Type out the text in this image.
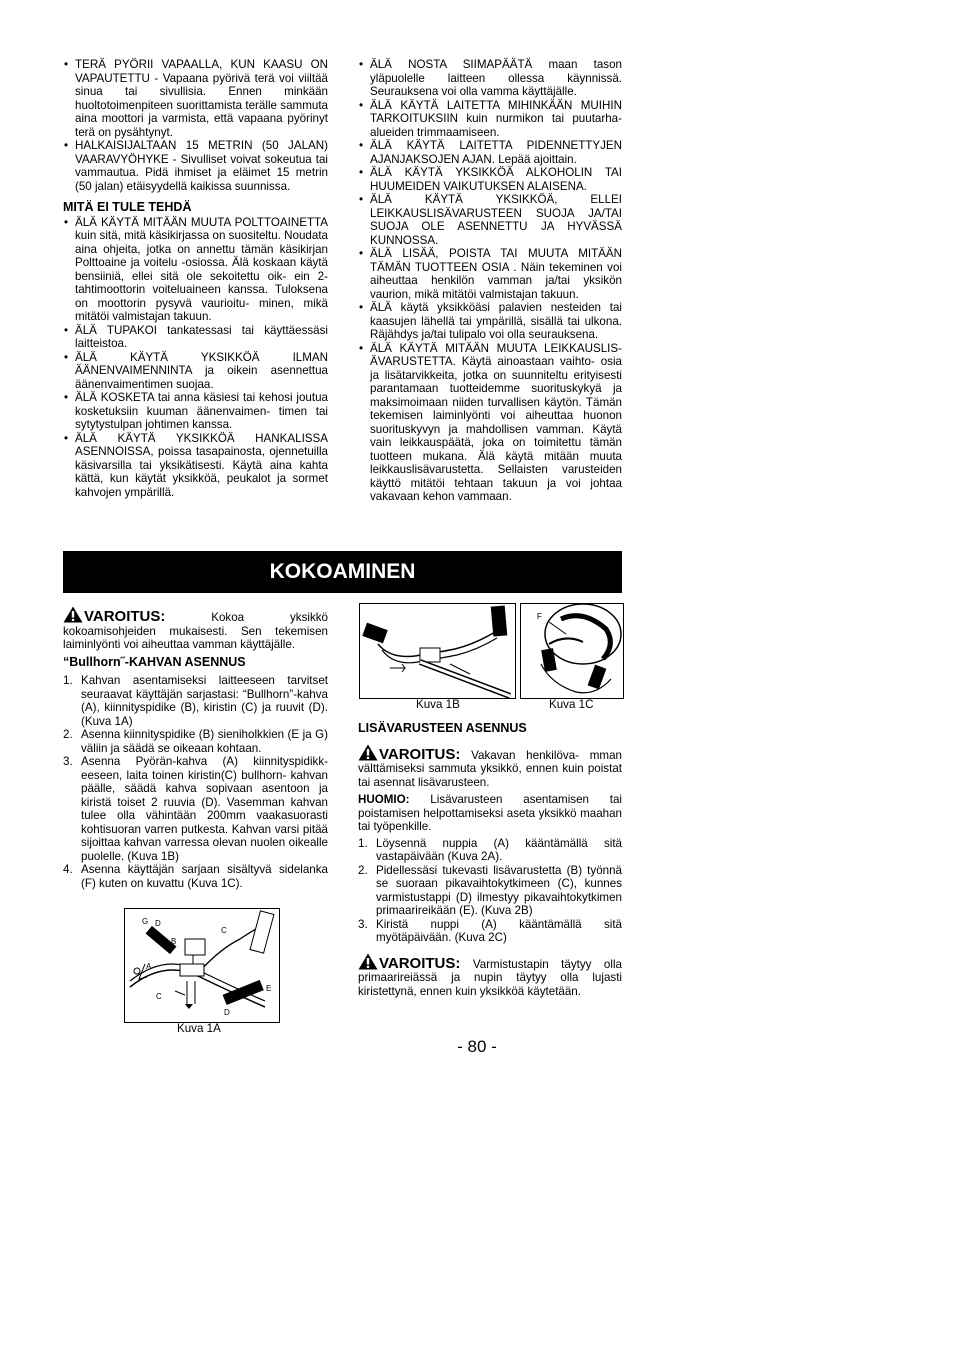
• TERÄ PYÖRII VAPAALLA, KUN KAASU ON VAPAUTETTU - Vapaana pyörivä terä voi viiltää sinua tai sivullisia. Ennen minkään huoltotoimenpiteen suorittamista terälle sammuta aina moottori ja varmista, että vapaana pyörinyt terä on pysähtynyt.
• HALKAISIJALTAAN 15 METRIN (50 JALAN) VAARAVYÖHYKE - Sivulliset voivat sokeutua tai vammautua. Pidä ihmiset ja eläimet 15 metrin (50 jalan) etäisyydellä kaikissa suunnissa.
MITÄ EI TULE TEHDÄ
• ÄLÄ KÄYTÄ MITÄÄN MUUTA POLTTOAINETTA kuin sitä, mitä käsikirjassa on suositeltu. Noudata aina ohjeita, jotka on annettu tämän käsikirjan Polttoaine ja voitelu -osiossa. Älä koskaan käytä bensiiniä, ellei sitä ole sekoitettu oik- ein 2-tahtimoottorin voiteluaineen kanssa. Tuloksena on moottorin pysyvä vaurioitu- minen, mikä mitätöi valmistajan takuun.
• ÄLÄ TUPAKOI tankatessasi tai käyttäessäsi laitteistoa.
• ÄLÄ KÄYTÄ YKSIKKÖÄ ILMAN ÄÄNENVAIMENNINTA ja oikein asennettua äänenvaimentimen suojaa.
• ÄLÄ KOSKETA tai anna käsiesi tai kehosi joutua kosketuksiin kuuman äänenvaimen- timen tai sytytystulpan johtimen kanssa.
• ÄLÄ KÄYTÄ YKSIKKÖÄ HANKALISSA ASENNOISSA, poissa tasapainosta, ojennetuilla käsivarsilla tai yksikätisesti. Käytä aina kahta kättä, kun käytät yksikköä, peukalot ja sormet kahvojen ympärillä.
• ÄLÄ NOSTA SIIMAPÄÄTÄ maan tason yläpuolelle laitteen ollessa käynnissä. Seurauksena voi olla vamma käyttäjälle.
• ÄLÄ KÄYTÄ LAITETTA MIHINKÄÄN MUIHIN TARKOITUKSIIN kuin nurmikon tai puutarha-alueiden trimmaamiseen.
• ÄLÄ KÄYTÄ LAITETTA PIDENNETTYJEN AJANJAKSOJEN AJAN. Lepää ajoittain.
• ÄLÄ KÄYTÄ YKSIKKÖÄ ALKOHOLIN TAI HUUMEIDEN VAIKUTUKSEN ALAISENA.
• ÄLÄ KÄYTÄ YKSIKKÖÄ, ELLEI LEIKKAUSLISÄVARUSTEEN SUOJA JA/TAI SUOJA OLE ASENNETTU JA HYVÄSSÄ KUNNOSSA.
• ÄLÄ LISÄÄ, POISTA TAI MUUTA MITÄÄN TÄMÄN TUOTTEEN OSIA . Näin tekeminen voi aiheuttaa henkilön vamman ja/tai yksikön vaurion, mikä mitätöi valmistajan takuun.
• ÄLÄ käytä yksikköäsi palavien nesteiden tai kaasujen lähellä tai ympärillä, sisällä tai ulkona. Räjähdys ja/tai tulipalo voi olla seurauksena.
• ÄLÄ KÄYTÄ MITÄÄN MUUTA LEIKKAUSLIS- ÄVARUSTETTA. Käytä ainoastaan vaihto- osia ja lisätarvikkeita, jotka on suunniteltu erityisesti parantamaan tuotteidemme suorituskykyä ja maksimoimaan niiden turvallisen käytön. Tämän tekemisen laiminlyönti voi aiheuttaa huonon suorituskyvyn ja mahdollisen vamman. Käytä vain leikkauspäätä, joka on toimitettu tämän tuotteen mukana. Älä käytä mitään muuta leikkauslisävarustetta. Sellaisten varusteiden käyttö mitätöi tehtaan takuun ja voi johtaa vakavaan kehon vammaan.
KOKOAMINEN

VAROITUS:	Kokoa yksikkö kokoamisohjeiden mukaisesti. Sen tekemisen laiminlyönti voi aiheuttaa vamman käyttäjälle.

“Bullhorn˝-KAHVAN ASENNUS
1. Kahvan asentamiseksi laitteeseen tarvitset seuraavat käyttäjän sarjastasi: “Bullhorn”-kahva (A), kiinnityspidike (B), kiristin (C) ja ruuvit (D). (Kuva 1A)
2. Asenna kiinnityspidike (B) sieniholkkien (E ja G) väliin ja säädä se oikeaan kohtaan.
3. Asenna Pyörän-kahva (A) kiinnityspidikk- eeseen, laita toinen kiristin(C) bullhorn- kahvan päälle, säädä kahva sopivaan asentoon ja kiristä toiset 2 ruuvia (D). Vasemman kahvan tulee olla vähintään 200mm vaakasuorasti kohtisuoran varren putkesta. Kahvan varsi pitää sijoittaa kahvan varressa olevan nuolen oikealle puolelle. (Kuva 1B)
4. Asenna käyttäjän sarjaan sisältyvä sidelanka (F) kuten on kuvattu (Kuva 1C).
G D
B
C
A
C
E
D
Kuva 1A
Kuva 1B
F
Kuva 1C
LISÄVARUSTEEN ASENNUS

VAROITUS: Vakavan henkilöva- mman välttämiseksi sammuta yksikkö, ennen kuin poistat tai asennat lisävarusteen.

HUOMIO: Lisävarusteen asentamisen tai poistamisen helpottamiseksi aseta yksikkö maahan tai työpenkille.

1. Löysennä nuppia (A) kääntämällä sitä vastapäivään (Kuva 2A).
2. Pidellessäsi tukevasti lisävarustetta (B) työnnä se suoraan pikavaihtokytkimeen (C), kunnes varmistustappi (D) ilmestyy pikavaihtokytkimen primaarireikään (E). (Kuva 2B)
3. Kiristä nuppi (A) kääntämällä sitä myötäpäivään. (Kuva 2C)

VAROITUS: Varmistustapin täytyy olla primaarireiässä ja nupin täytyy olla lujasti kiristettynä, ennen kuin yksikköä käytetään.

- 80 -
